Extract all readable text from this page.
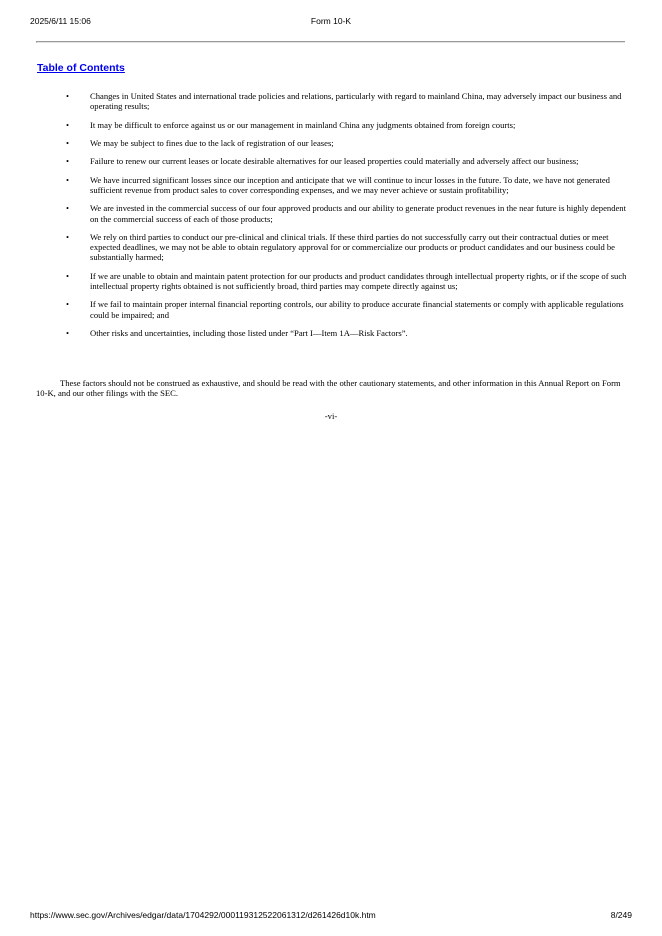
2025/6/11 15:06	Form 10-K
Table of Contents
• Changes in United States and international trade policies and relations, particularly with regard to mainland China, may adversely impact our business and operating results;
• It may be difficult to enforce against us or our management in mainland China any judgments obtained from foreign courts;
• We may be subject to fines due to the lack of registration of our leases;
• Failure to renew our current leases or locate desirable alternatives for our leased properties could materially and adversely affect our business;
• We have incurred significant losses since our inception and anticipate that we will continue to incur losses in the future. To date, we have not generated sufficient revenue from product sales to cover corresponding expenses, and we may never achieve or sustain profitability;
• We are invested in the commercial success of our four approved products and our ability to generate product revenues in the near future is highly dependent on the commercial success of each of those products;
• We rely on third parties to conduct our pre-clinical and clinical trials. If these third parties do not successfully carry out their contractual duties or meet expected deadlines, we may not be able to obtain regulatory approval for or commercialize our products or product candidates and our business could be substantially harmed;
• If we are unable to obtain and maintain patent protection for our products and product candidates through intellectual property rights, or if the scope of such intellectual property rights obtained is not sufficiently broad, third parties may compete directly against us;
• If we fail to maintain proper internal financial reporting controls, our ability to produce accurate financial statements or comply with applicable regulations could be impaired; and
• Other risks and uncertainties, including those listed under “Part I—Item 1A—Risk Factors”.

These factors should not be construed as exhaustive, and should be read with the other cautionary statements, and other information in this Annual Report on Form 10-K, and our other filings with the SEC.

-vi-
https://www.sec.gov/Archives/edgar/data/1704292/000119312522061312/d261426d10k.htm	8/249
